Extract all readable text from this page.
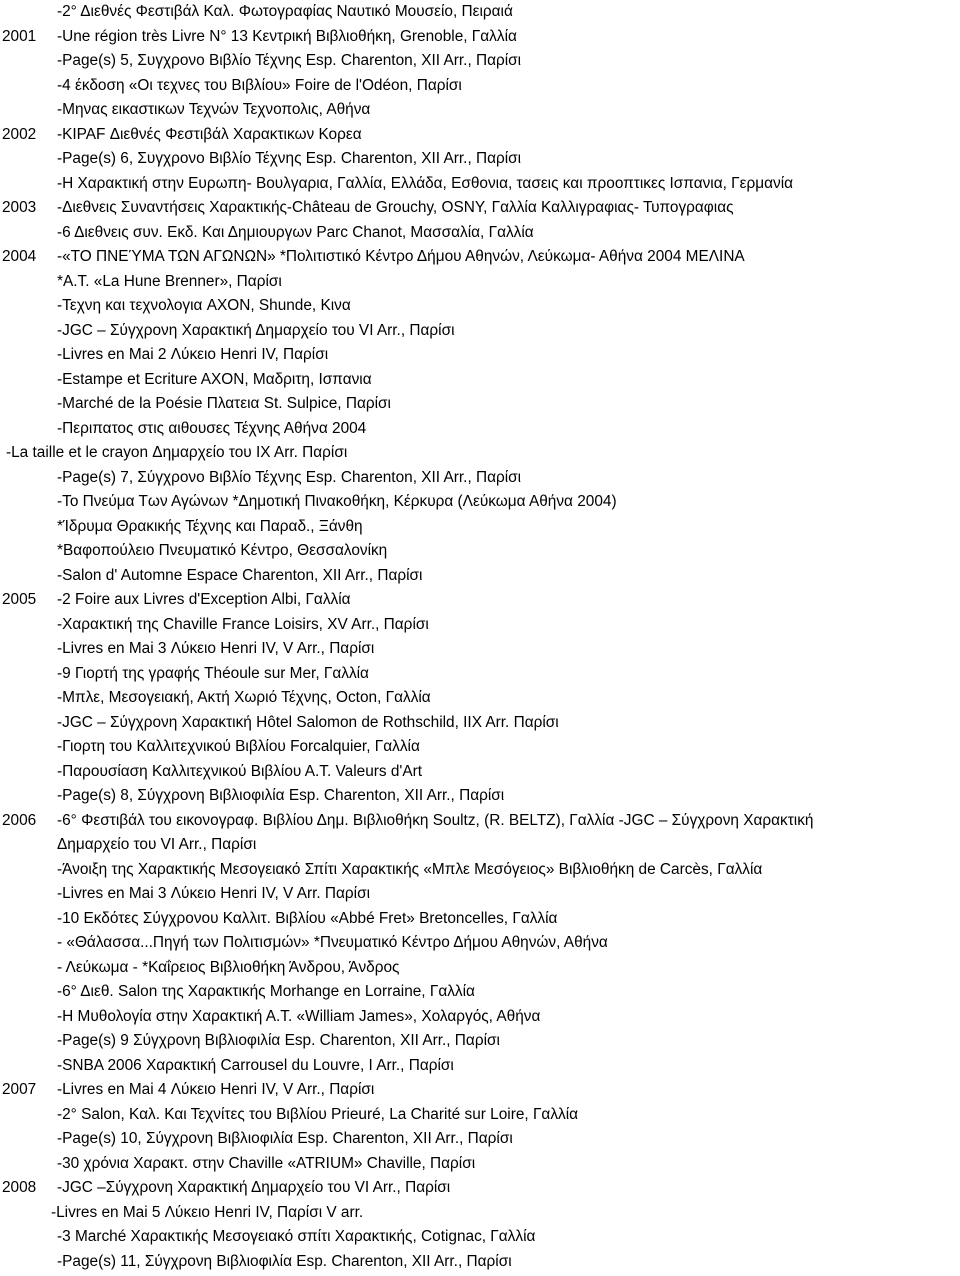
-2° Διεθνές Φεστιβάλ Καλ. Φωτογραφίας Ναυτικό Μουσείο, Πειραιά
2001 -Une région très Livre N° 13 Κεντρική Βιβλιοθήκη, Grenoble, Γαλλία
-Page(s) 5, Συγχρονο Βιβλίο Τέχνης Esp. Charenton, XII Arr., Παρίσι
-4 έκδοση «Οι τεχνες του Βιβλίου» Foire de l'Odéon, Παρίσι
-Μηνας εικαστικων Τεχνών Τεχνοπολις, Αθήνα
2002 -KIPAF Διεθνές Φεστιβάλ Χαρακτικων Κορεα
-Page(s) 6, Συγχρονο Βιβλίο Τέχνης Esp. Charenton, XII Arr., Παρίσι
-Η Χαρακτική στην Ευρωπη- Βουλγαρια, Γαλλία, Ελλάδα, Εσθονια, τασεις και προοπτικες Ισπανια, Γερμανία
2003 -Διεθνεις Συναντήσεις Χαρακτικής-Château de Grouchy, OSNY, Γαλλία Καλλιγραφιας- Τυπογραφιας
-6 Διεθνεις συν. Εκδ. Και Δημιουργων Parc Chanot, Μασσαλία, Γαλλία
2004 -«ΤΟ ΠΝΕΎΜΑ ΤΩΝ ΑΓΩΝΩΝ» *Πολιτιστικό Κέντρο Δήμου Αθηνών, Λεύκωμα- Αθήνα 2004 ΜΕΛΙΝΑ
*Α.Τ. «La Hune Brenner», Παρίσι
-Τεχνη και τεχνολογια AXON, Shunde, Κινα
-JGC – Σύγχρονη Χαρακτική Δημαρχείο του VI Arr., Παρίσι
-Livres en Mai 2 Λύκειο Henri IV, Παρίσι
-Estampe et Ecriture AXON, Μαδριτη, Ισπανια
-Marché de la Poésie Πλατεια St. Sulpice, Παρίσι
-Περιπατος στις αιθουσες Τέχνης Αθήνα 2004
-La taille et le crayon Δημαρχείο του IX Arr. Παρίσι
-Page(s) 7, Σύγχρονο Βιβλίο Τέχνης Esp. Charenton, XII Arr., Παρίσι
-Το Πνεύμα Των Αγώνων *Δημοτική Πινακοθήκη, Κέρκυρα (Λεύκωμα Αθήνα 2004)
*Ίδρυμα Θρακικής Τέχνης και Παραδ., Ξάνθη
*Βαφοπούλειο Πνευματικό Κέντρο, Θεσσαλονίκη
-Salon d' Automne Espace Charenton, XII Arr., Παρίσι
2005 -2 Foire aux Livres d'Exception Albi, Γαλλία
-Χαρακτική της Chaville France Loisirs, XV Arr., Παρίσι
-Livres en Mai 3 Λύκειο Henri IV, V Arr., Παρίσι
-9 Γιορτή της γραφής Théoule sur Mer, Γαλλία
-Μπλε, Μεσογειακή, Ακτή Χωριό Τέχνης, Octon, Γαλλία
-JGC – Σύγχρονη Χαρακτική Hôtel Salomon de Rothschild, IIX Arr. Παρίσι
-Γιορτη του Καλλιτεχνικού Βιβλίου Forcalquier, Γαλλία
-Παρουσίαση Καλλιτεχνικού Βιβλίου Α.Τ. Valeurs d'Art
-Page(s) 8, Σύγχρονη Βιβλιοφιλία Esp. Charenton, XII Arr., Παρίσι
2006 -6° Φεστιβάλ του εικονογραφ. Βιβλίου Δημ. Βιβλιοθήκη Soultz, (R. BELTZ), Γαλλία -JGC – Σύγχρονη Χαρακτική
Δημαρχείο του VI Arr., Παρίσι
-Άνοιξη της Χαρακτικής Μεσογειακό Σπίτι Χαρακτικής «Μπλε Μεσόγειος» Βιβλιοθήκη de Carcès, Γαλλία
-Livres en Mai 3 Λύκειο Henri IV, V Arr. Παρίσι
-10 Εκδότες Σύγχρονου Καλλιτ. Βιβλίου «Abbé Fret» Bretoncelles, Γαλλία
- «Θάλασσα...Πηγή των Πολιτισμών» *Πνευματικό Κέντρο Δήμου Αθηνών, Αθήνα
- Λεύκωμα - *Καΐρειος Βιβλιοθήκη Άνδρου, Άνδρος
-6° Διεθ. Salon της Χαρακτικής Morhange en Lorraine, Γαλλία
-Η Μυθολογία στην Χαρακτική Α.Τ. «William James», Χολαργός, Αθήνα
-Page(s) 9 Σύγχρονη Βιβλιοφιλία Esp. Charenton, XII Arr., Παρίσι
-SNBA 2006 Χαρακτική Carrousel du Louvre, I Arr., Παρίσι
2007 -Livres en Mai 4 Λύκειο Henri IV, V Arr., Παρίσι
-2° Salon, Καλ. Και Τεχνίτες του Βιβλίου Prieuré, La Charité sur Loire, Γαλλία
-Page(s) 10, Σύγχρονη Βιβλιοφιλία Esp. Charenton, XII Arr., Παρίσι
-30 χρόνια Χαρακτ. στην Chaville «ATRIUM» Chaville, Παρίσι
2008 -JGC –Σύγχρονη Χαρακτική Δημαρχείο του VI Arr., Παρίσι
-Livres en Mai 5 Λύκειο Henri IV, Παρίσι V arr.
-3 Marché Χαρακτικής Μεσογειακό σπίτι Χαρακτικής, Cotignac, Γαλλία
-Page(s) 11, Σύγχρονη Βιβλιοφιλία Esp. Charenton, XII Arr., Παρίσι
